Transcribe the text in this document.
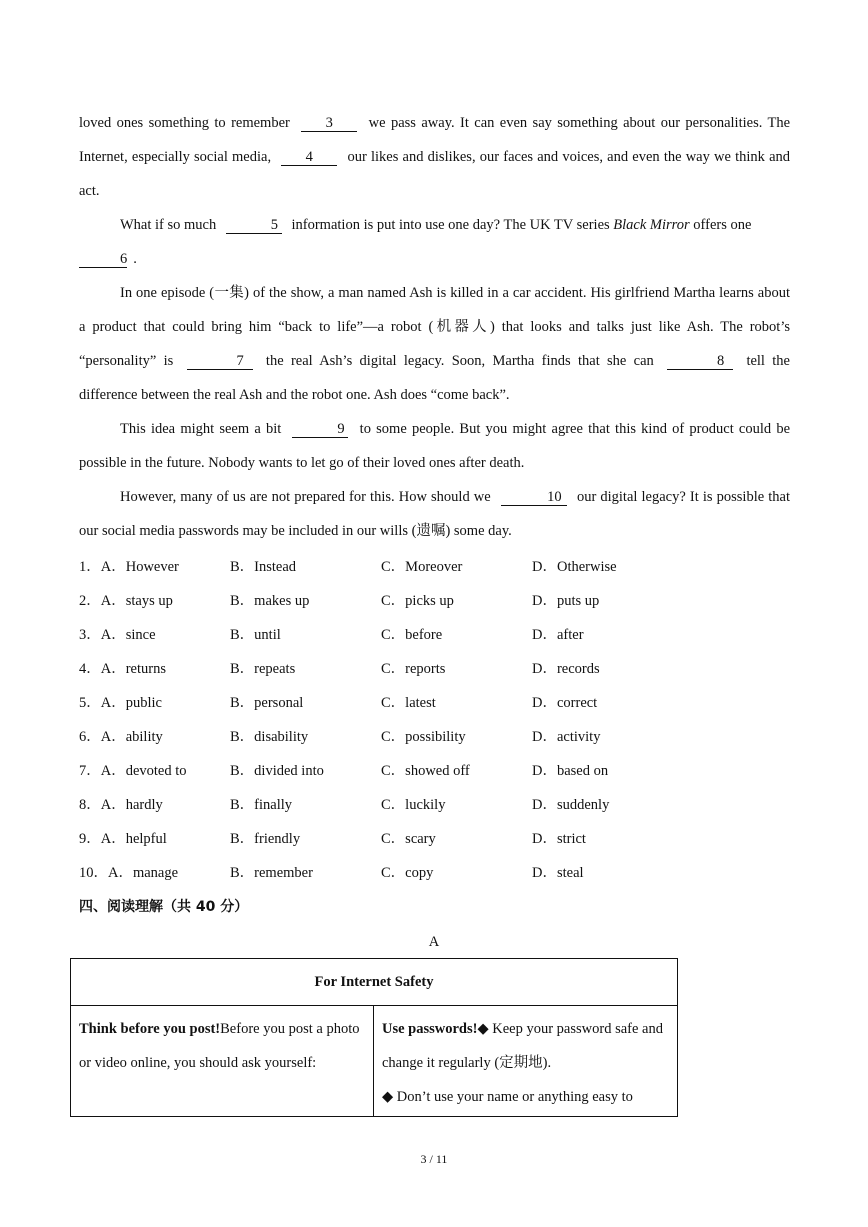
loved ones something to remember 3 we pass away. It can even say something about our personalities. The Internet, especially social media, 4 our likes and dislikes, our faces and voices, and even the way we think and act.

What if so much	5 information is put into use one day? The UK TV series Black Mirror offers one
6 .

In one episode (一集) of the show, a man named Ash is killed in a car accident. His girlfriend Martha learns about a product that could bring him “back to life”—a robot (机器人) that looks and talks just like Ash. The robot’s “personality” is	7 the real Ash’s digital legacy. Soon, Martha finds that she can	8 tell the difference between the real Ash and the robot one. Ash does “come back”.

This idea might seem a bit	9 to some people. But you might agree that this kind of product could be possible in the future. Nobody wants to let go of their loved ones after death.

However, many of us are not prepared for this. How should we	10 our digital legacy? It is possible that our social media passwords may be included in our wills (遗嘱) some day.

1．A．However	B．Instead	C．Moreover	D．Otherwise
2．A．stays up	B．makes up	C．picks up	D．puts up
3．A．since	B．until	C．before	D．after
4．A．returns	B．repeats	C．reports	D．records
5．A．public	B．personal	C．latest	D．correct
6．A．ability	B．disability	C．possibility	D．activity
7．A．devoted to	B．divided into	C．showed off	D．based on
8．A．hardly	B．finally	C．luckily	D．suddenly
9．A．helpful	B．friendly	C．scary	D．strict
10．A．manage	B．remember	C．copy	D．steal
四、阅读理解（共 40 分）
A
For Internet Safety
Think before you post!Before you post a photo or video online, you should ask yourself:	Use passwords!◆ Keep your password safe and change it regularly (定期地).
◆ Don’t use your name or anything easy to
3 / 11
